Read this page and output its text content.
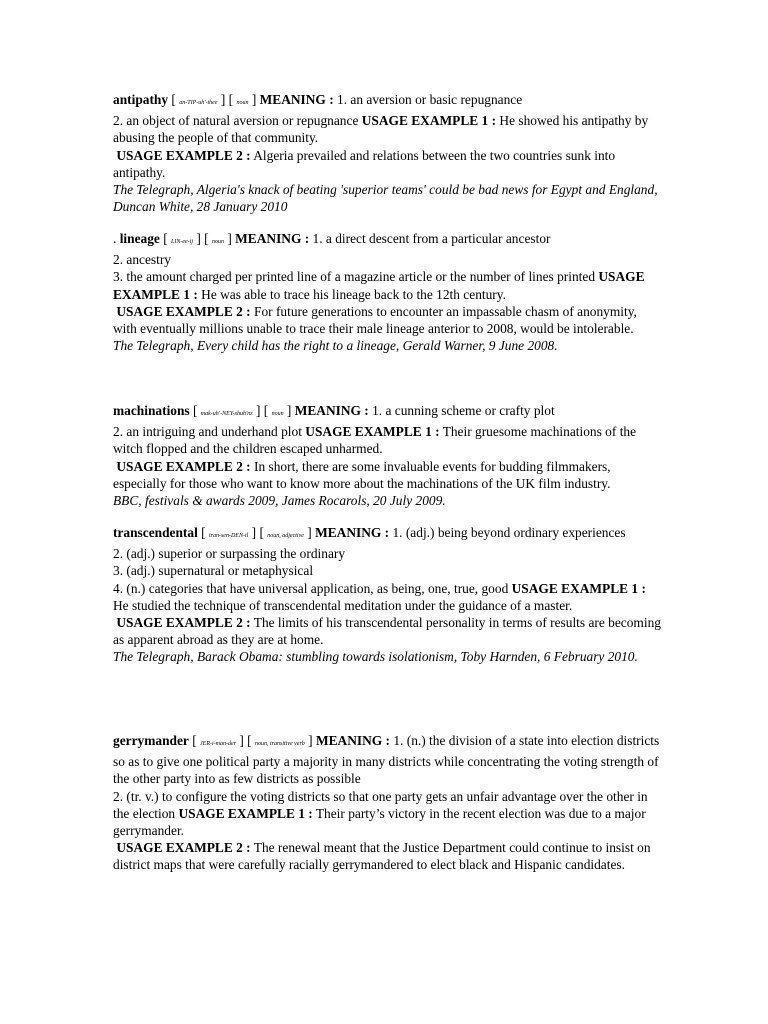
antipathy [ an-TIP-uh'-thee ] [ noun ] MEANING : 1. an aversion or basic repugnance
2. an object of natural aversion or repugnance USAGE EXAMPLE 1 : He showed his antipathy by abusing the people of that community.
USAGE EXAMPLE 2 : Algeria prevailed and relations between the two countries sunk into antipathy.
The Telegraph, Algeria's knack of beating 'superior teams' could be bad news for Egypt and England, Duncan White, 28 January 2010
. lineage [ LIN-ee-ij ] [ noun ] MEANING : 1. a direct descent from a particular ancestor
2. ancestry
3. the amount charged per printed line of a magazine article or the number of lines printed USAGE EXAMPLE 1 : He was able to trace his lineage back to the 12th century.
USAGE EXAMPLE 2 : For future generations to encounter an impassable chasm of anonymity, with eventually millions unable to trace their male lineage anterior to 2008, would be intolerable.
The Telegraph, Every child has the right to a lineage, Gerald Warner, 9 June 2008.
machinations [ mak-uh'-NEY-shuh'nz ] [ noun ] MEANING : 1. a cunning scheme or crafty plot
2. an intriguing and underhand plot USAGE EXAMPLE 1 : Their gruesome machinations of the witch flopped and the children escaped unharmed.
USAGE EXAMPLE 2 : In short, there are some invaluable events for budding filmmakers, especially for those who want to know more about the machinations of the UK film industry.
BBC, festivals & awards 2009, James Rocarols, 20 July 2009.
transcendental [ tran-sen-DEN-tl ] [ noun, adjective ] MEANING : 1. (adj.) being beyond ordinary experiences
2. (adj.) superior or surpassing the ordinary
3. (adj.) supernatural or metaphysical
4. (n.) categories that have universal application, as being, one, true, good USAGE EXAMPLE 1 : He studied the technique of transcendental meditation under the guidance of a master.
USAGE EXAMPLE 2 : The limits of his transcendental personality in terms of results are becoming as apparent abroad as they are at home.
The Telegraph, Barack Obama: stumbling towards isolationism, Toby Harnden, 6 February 2010.
gerrymander [ JER-i-man-der ] [ noun, transitive verb ] MEANING : 1. (n.) the division of a state into election districts so as to give one political party a majority in many districts while concentrating the voting strength of the other party into as few districts as possible
2. (tr. v.) to configure the voting districts so that one party gets an unfair advantage over the other in the election USAGE EXAMPLE 1 : Their party’s victory in the recent election was due to a major gerrymander.
USAGE EXAMPLE 2 : The renewal meant that the Justice Department could continue to insist on district maps that were carefully racially gerrymandered to elect black and Hispanic candidates.
